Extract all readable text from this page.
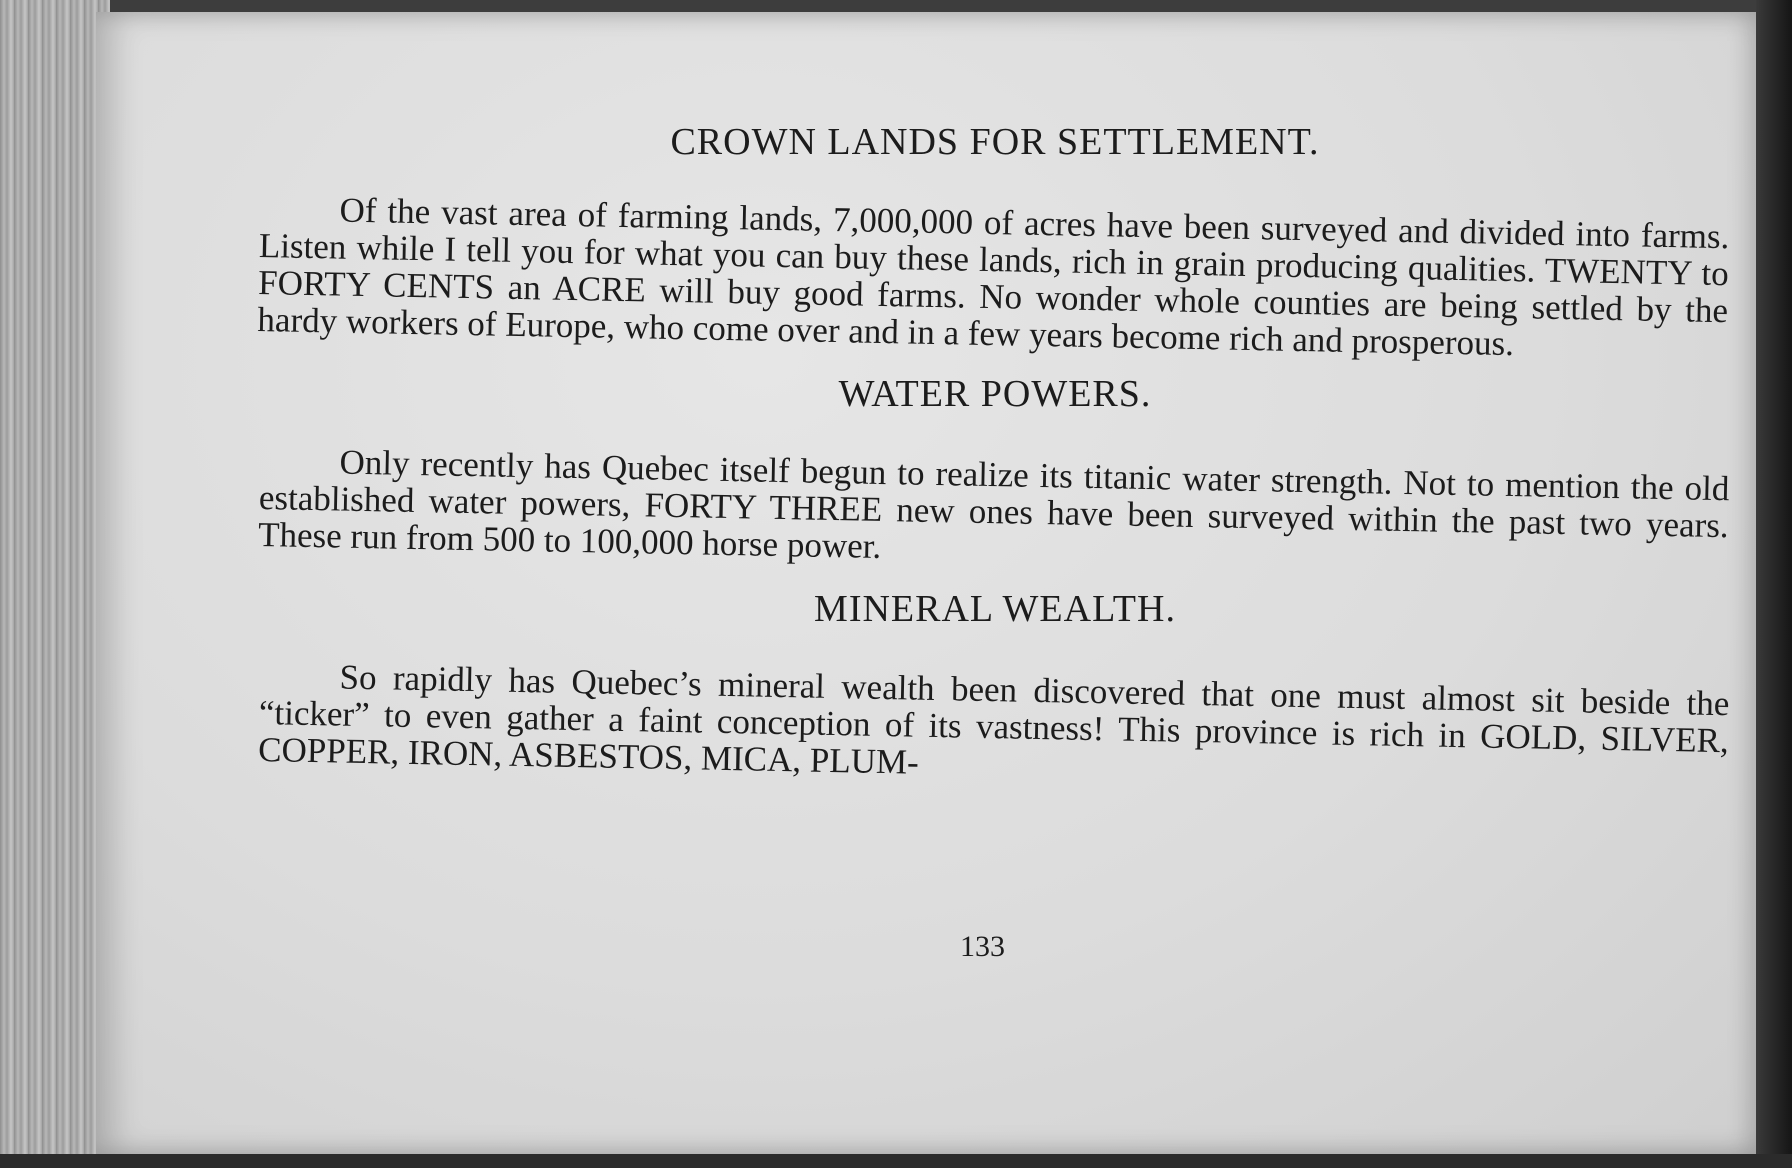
CROWN LANDS FOR SETTLEMENT.

Of the vast area of farming lands, 7,000,000 of acres have been surveyed and divided into farms. Listen while I tell you for what you can buy these lands, rich in grain producing qualities. TWENTY to FORTY CENTS an ACRE will buy good farms. No wonder whole counties are being settled by the hardy workers of Europe, who come over and in a few years become rich and prosperous.

WATER POWERS.

Only recently has Quebec itself begun to realize its titanic water strength. Not to mention the old established water powers, FORTY THREE new ones have been surveyed within the past two years. These run from 500 to 100,000 horse power.

MINERAL WEALTH.

So rapidly has Quebec’s mineral wealth been discovered that one must almost sit beside the “ticker” to even gather a faint conception of its vastness! This province is rich in GOLD, SILVER, COPPER, IRON, ASBESTOS, MICA, PLUM-

133
